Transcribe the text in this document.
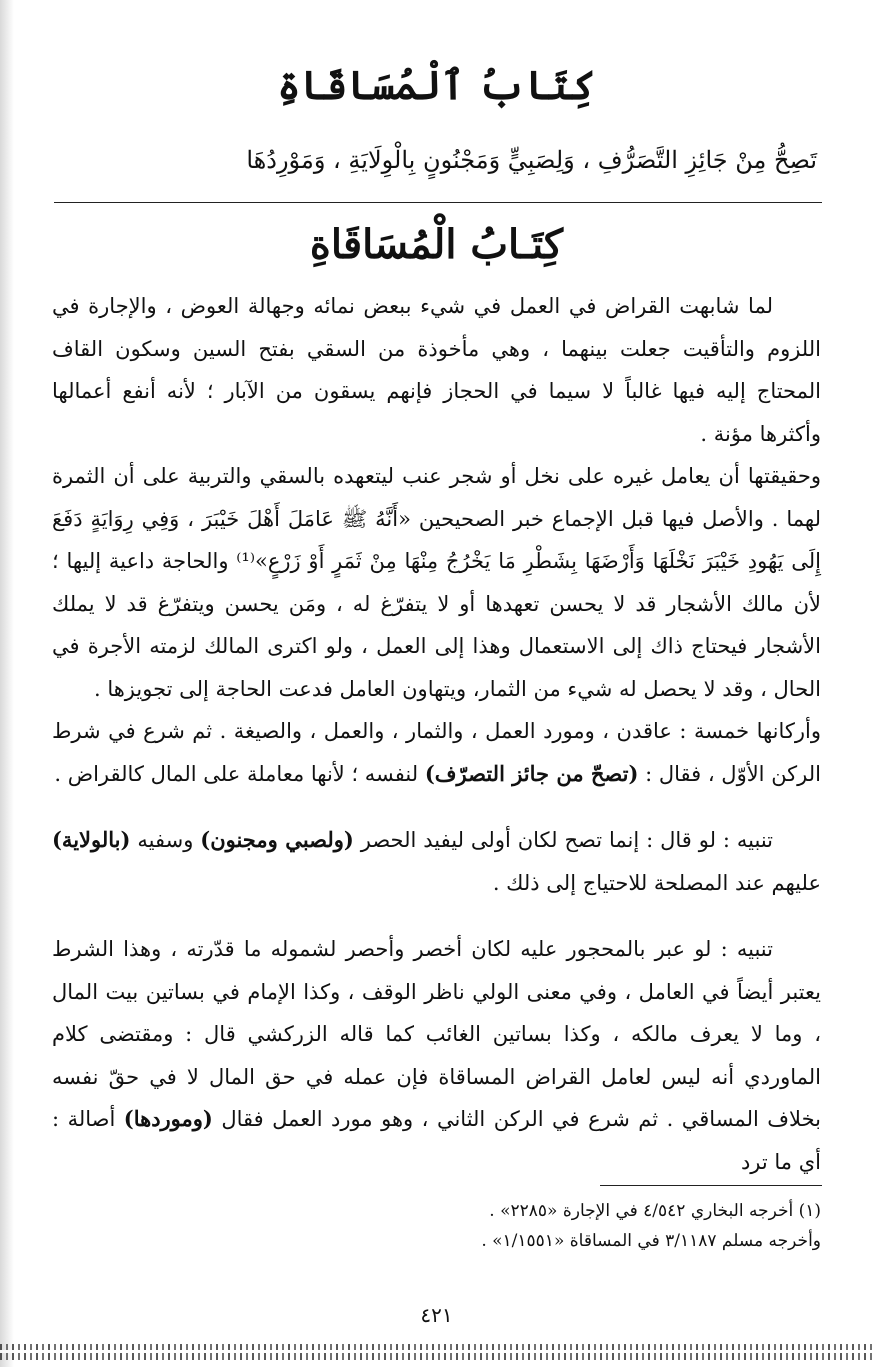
كِتَابُ ٱلْمُسَاقَاةِ
تَصِحُّ مِنْ جَائِزِ التَّصَرُّفِ ، وَلِصَبِيٍّ وَمَجْنُونٍ بِالْوِلَايَةِ ، وَمَوْرِدُهَا
كِتَـابُ الْمُسَاقَاةِ

لما شابهت القراض في العمل في شيء ببعض نمائه وجهالة العوض ، والإجارة في اللزوم والتأقيت جعلت بينهما ، وهي مأخوذة من السقي بفتح السين وسكون القاف المحتاج إليه فيها غالباً لا سيما في الحجاز فإنهم يسقون من الآبار ؛ لأنه أنفع أعمالها وأكثرها مؤنة .

وحقيقتها أن يعامل غيره على نخل أو شجر عنب ليتعهده بالسقي والتربية على أن الثمرة لهما . والأصل فيها قبل الإجماع خبر الصحيحين «أَنَّهُ ﷺ عَامَلَ أَهْلَ خَيْبَرَ ، وَفِي رِوَايَةٍ دَفَعَ إِلَى يَهُودِ خَيْبَرَ نَخْلَهَا وَأَرْضَهَا بِشَطْرِ مَا يَخْرُجُ مِنْهَا مِنْ ثَمَرٍ أَوْ زَرْعٍ»⁽¹⁾ والحاجة داعية إليها ؛ لأن مالك الأشجار قد لا يحسن تعهدها أو لا يتفرّغ له ، ومَن يحسن ويتفرّغ قد لا يملك الأشجار فيحتاج ذاك إلى الاستعمال وهذا إلى العمل ، ولو اكترى المالك لزمته الأجرة في الحال ، وقد لا يحصل له شيء من الثمار، ويتهاون العامل فدعت الحاجة إلى تجويزها .

وأركانها خمسة : عاقدن ، ومورد العمل ، والثمار ، والعمل ، والصيغة . ثم شرع في شرط الركن الأوّل ، فقال : (تصحّ من جائز التصرّف) لنفسه ؛ لأنها معاملة على المال كالقراض .

تنبيه : لو قال : إنما تصح لكان أولى ليفيد الحصر (ولصبي ومجنون) وسفيه (بالولاية) عليهم عند المصلحة للاحتياج إلى ذلك .

تنبيه : لو عبر بالمحجور عليه لكان أخصر وأحصر لشموله ما قدّرته ، وهذا الشرط يعتبر أيضاً في العامل ، وفي معنى الولي ناظر الوقف ، وكذا الإمام في بساتين بيت المال ، وما لا يعرف مالكه ، وكذا بساتين الغائب كما قاله الزركشي قال : ومقتضى كلام الماوردي أنه ليس لعامل القراض المساقاة فإن عمله في حق المال لا في حقّ نفسه بخلاف المساقي . ثم شرع في الركن الثاني ، وهو مورد العمل فقال (وموردها) أصالة : أي ما ترد

(١) أخرجه البخاري ٤/٥٤٢ في الإجارة «٢٢٨٥» .
وأخرجه مسلم ٣/١١٨٧ في المساقاة «١/١٥٥١» .
٤٢١
